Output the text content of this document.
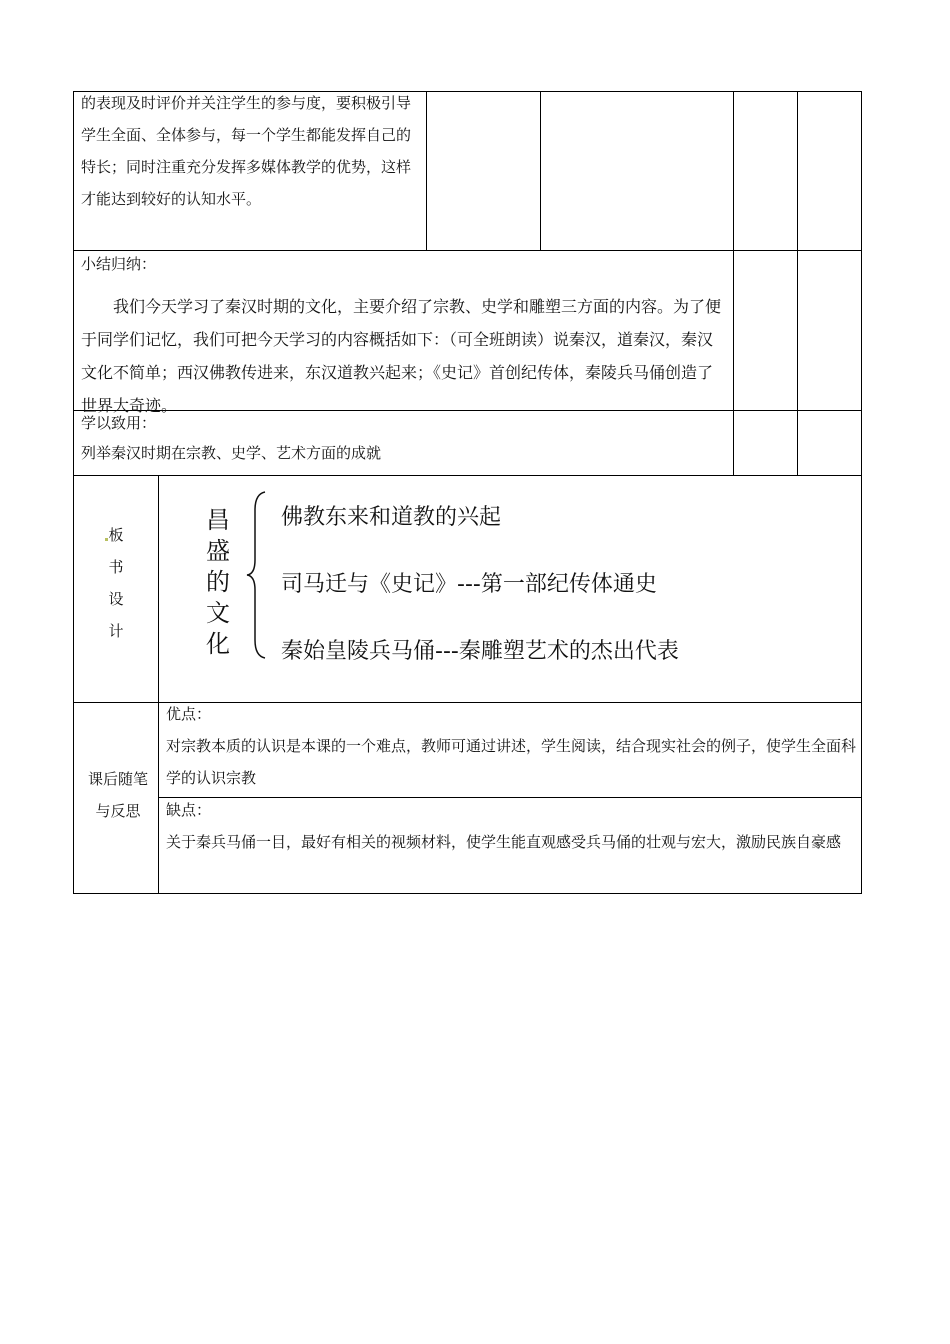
的表现及时评价并关注学生的参与度，要积极引导学生全面、全体参与，每一个学生都能发挥自己的特长；同时注重充分发挥多媒体教学的优势，这样才能达到较好的认知水平。
小结归纳：
我们今天学习了秦汉时期的文化，主要介绍了宗教、史学和雕塑三方面的内容。为了便于同学们记忆，我们可把今天学习的内容概括如下：（可全班朗读）说秦汉，道秦汉，秦汉文化不简单；西汉佛教传进来，东汉道教兴起来；《史记》首创纪传体，秦陵兵马俑创造了世界大奇迹。
学以致用：
列举秦汉时期在宗教、史学、艺术方面的成就
板
书
设
计
昌
盛
的
文
化
佛教东来和道教的兴起
司马迁与《史记》---第一部纪传体通史
秦始皇陵兵马俑---秦雕塑艺术的杰出代表
课后随笔
与反思
优点：
对宗教本质的认识是本课的一个难点，教师可通过讲述，学生阅读，结合现实社会的例子，使学生全面科学的认识宗教
缺点：
关于秦兵马俑一目，最好有相关的视频材料，使学生能直观感受兵马俑的壮观与宏大，激励民族自豪感
